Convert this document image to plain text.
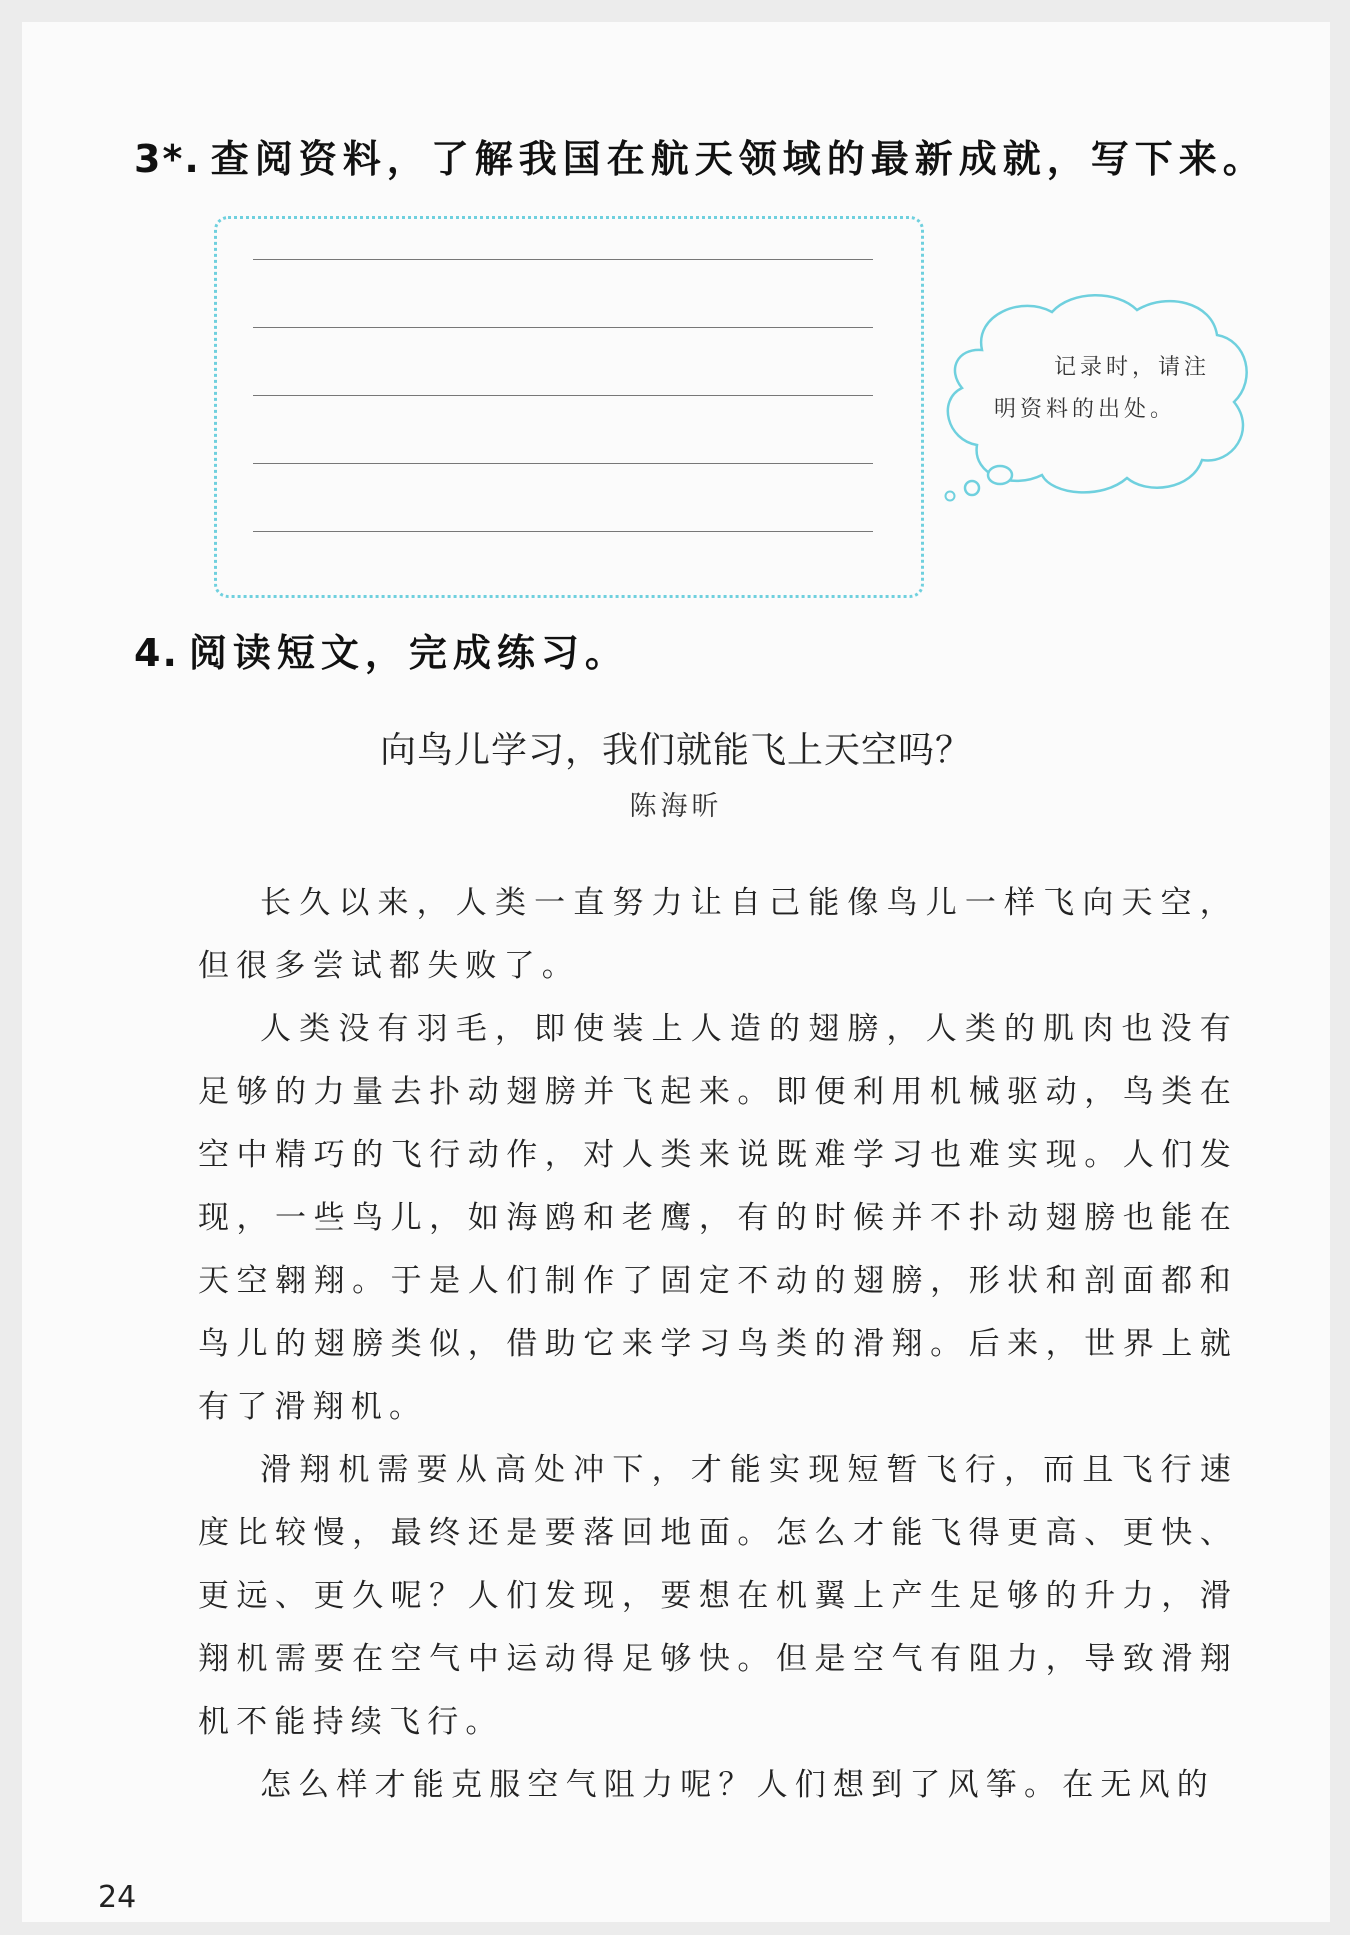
3*. 查阅资料，了解我国在航天领域的最新成就，写下来。
记录时，请注
明资料的出处。
4. 阅读短文，完成练习。
向鸟儿学习，我们就能飞上天空吗？
陈海昕

长久以来，人类一直努力让自己能像鸟儿一样飞向天空，但很多尝试都失败了。

人类没有羽毛，即使装上人造的翅膀，人类的肌肉也没有足够的力量去扑动翅膀并飞起来。即便利用机械驱动，鸟类在空中精巧的飞行动作，对人类来说既难学习也难实现。人们发现，一些鸟儿，如海鸥和老鹰，有的时候并不扑动翅膀也能在天空翱翔。于是人们制作了固定不动的翅膀，形状和剖面都和鸟儿的翅膀类似，借助它来学习鸟类的滑翔。后来，世界上就有了滑翔机。

滑翔机需要从高处冲下，才能实现短暂飞行，而且飞行速度比较慢，最终还是要落回地面。怎么才能飞得更高、更快、更远、更久呢？人们发现，要想在机翼上产生足够的升力，滑翔机需要在空气中运动得足够快。但是空气有阻力，导致滑翔机不能持续飞行。

怎么样才能克服空气阻力呢？人们想到了风筝。在无风的

24
